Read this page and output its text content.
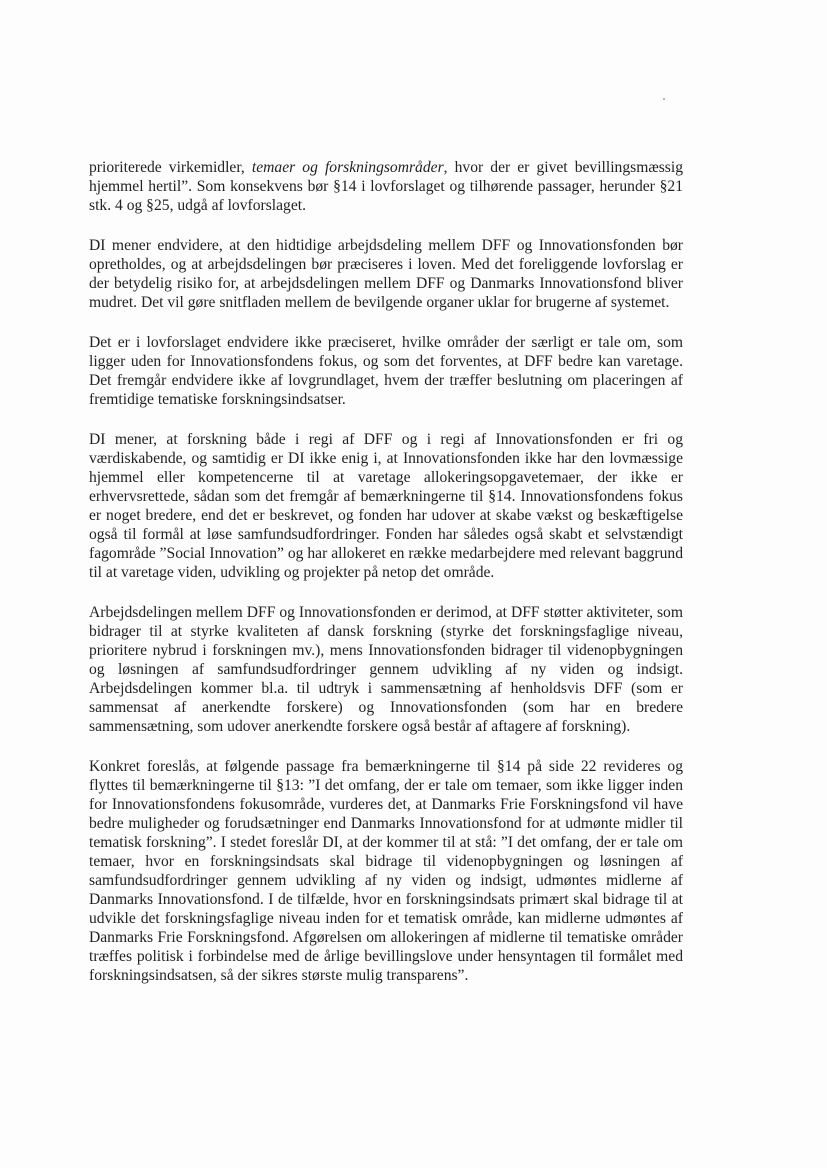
prioriterede virkemidler, temaer og forskningsområder, hvor der er givet bevillingsmæssig hjemmel hertil”. Som konsekvens bør §14 i lovforslaget og tilhørende passager, herunder §21 stk. 4 og §25, udgå af lovforslaget.

DI mener endvidere, at den hidtidige arbejdsdeling mellem DFF og Innovationsfonden bør opretholdes, og at arbejdsdelingen bør præciseres i loven. Med det foreliggende lovforslag er der betydelig risiko for, at arbejdsdelingen mellem DFF og Danmarks Innovationsfond bliver mudret. Det vil gøre snitfladen mellem de bevilgende organer uklar for brugerne af systemet.

Det er i lovforslaget endvidere ikke præciseret, hvilke områder der særligt er tale om, som ligger uden for Innovationsfondens fokus, og som det forventes, at DFF bedre kan varetage. Det fremgår endvidere ikke af lovgrundlaget, hvem der træffer beslutning om placeringen af fremtidige tematiske forskningsindsatser.

DI mener, at forskning både i regi af DFF og i regi af Innovationsfonden er fri og værdiskabende, og samtidig er DI ikke enig i, at Innovationsfonden ikke har den lovmæssige hjemmel eller kompetencerne til at varetage allokeringsopgavetemaer, der ikke er erhvervsrettede, sådan som det fremgår af bemærkningerne til §14. Innovationsfondens fokus er noget bredere, end det er beskrevet, og fonden har udover at skabe vækst og beskæftigelse også til formål at løse samfundsudfordringer. Fonden har således også skabt et selvstændigt fagområde ”Social Innovation” og har allokeret en række medarbejdere med relevant baggrund til at varetage viden, udvikling og projekter på netop det område.

Arbejdsdelingen mellem DFF og Innovationsfonden er derimod, at DFF støtter aktiviteter, som bidrager til at styrke kvaliteten af dansk forskning (styrke det forskningsfaglige niveau, prioritere nybrud i forskningen mv.), mens Innovationsfonden bidrager til videnopbygningen og løsningen af samfundsudfordringer gennem udvikling af ny viden og indsigt. Arbejdsdelingen kommer bl.a. til udtryk i sammensætning af henholdsvis DFF (som er sammensat af anerkendte forskere) og Innovationsfonden (som har en bredere sammensætning, som udover anerkendte forskere også består af aftagere af forskning).

Konkret foreslås, at følgende passage fra bemærkningerne til §14 på side 22 revideres og flyttes til bemærkningerne til §13: ”I det omfang, der er tale om temaer, som ikke ligger inden for Innovationsfondens fokusområde, vurderes det, at Danmarks Frie Forskningsfond vil have bedre muligheder og forudsætninger end Danmarks Innovationsfond for at udmønte midler til tematisk forskning”. I stedet foreslår DI, at der kommer til at stå: ”I det omfang, der er tale om temaer, hvor en forskningsindsats skal bidrage til videnopbygningen og løsningen af samfundsudfordringer gennem udvikling af ny viden og indsigt, udmøntes midlerne af Danmarks Innovationsfond. I de tilfælde, hvor en forskningsindsats primært skal bidrage til at udvikle det forskningsfaglige niveau inden for et tematisk område, kan midlerne udmøntes af Danmarks Frie Forskningsfond. Afgørelsen om allokeringen af midlerne til tematiske områder træffes politisk i forbindelse med de årlige bevillingslove under hensyntagen til formålet med forskningsindsatsen, så der sikres største mulig transparens”.
